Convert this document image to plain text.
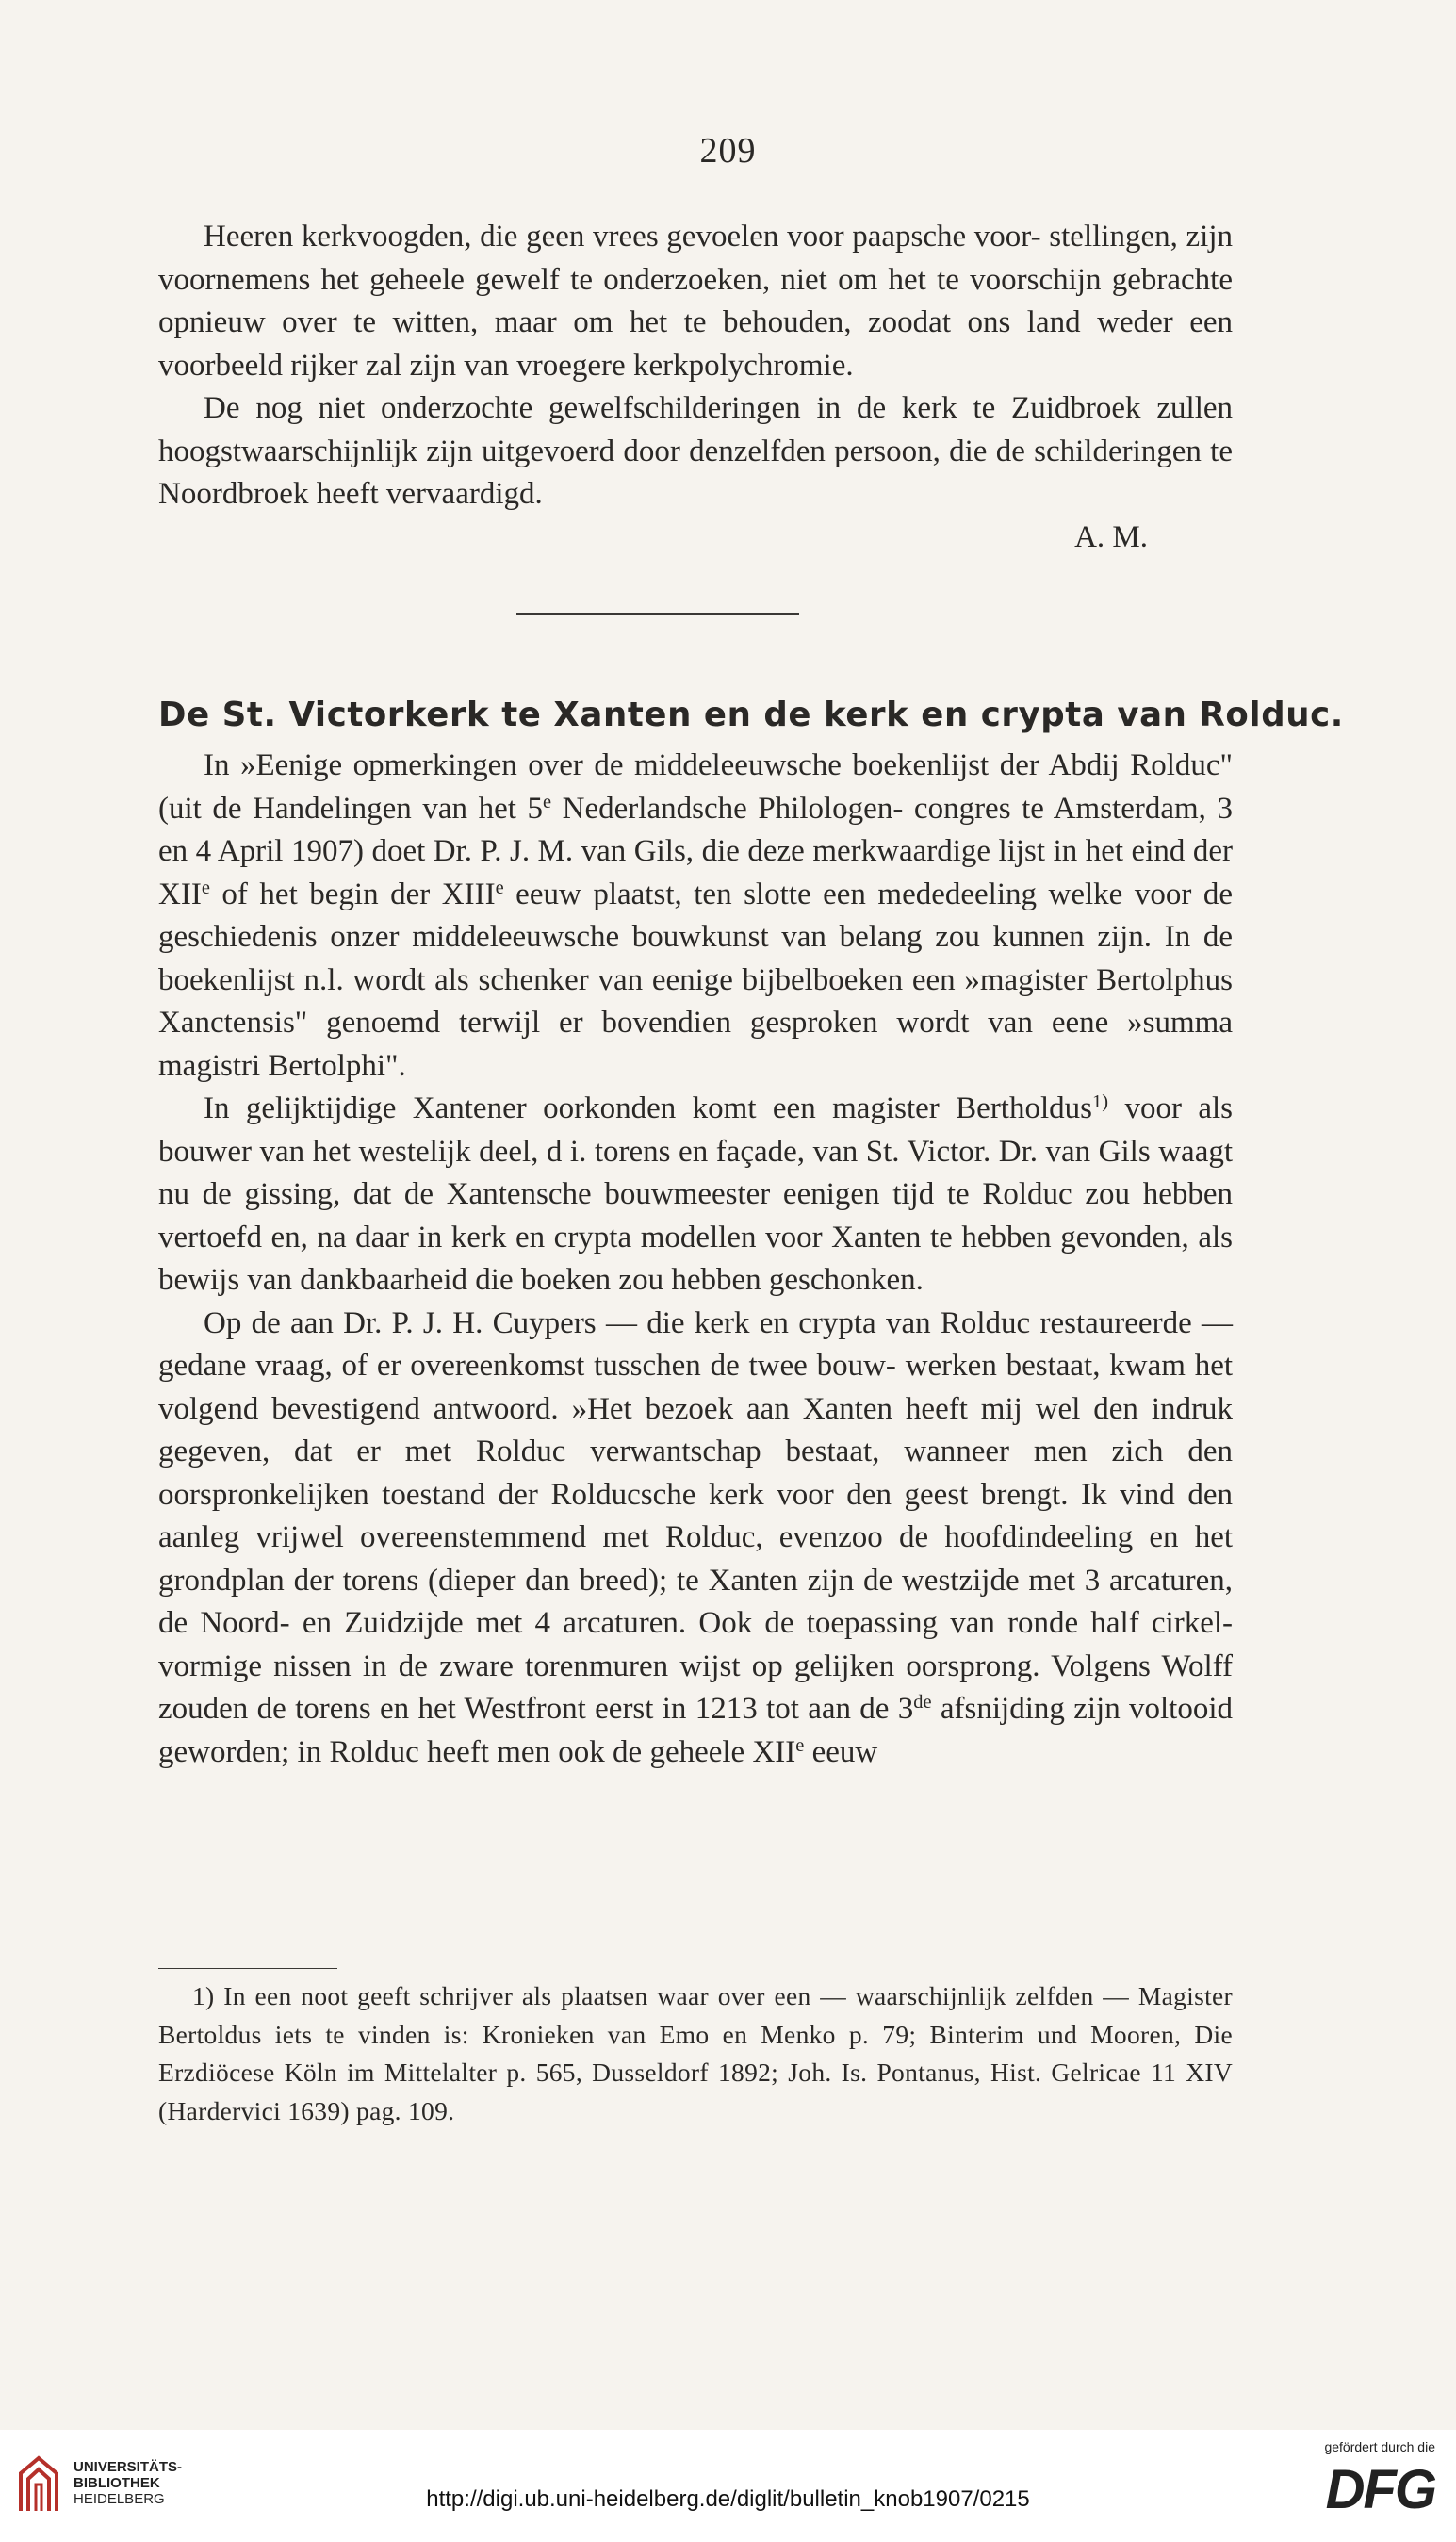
209

Heeren kerkvoogden, die geen vrees gevoelen voor paapsche voor- stellingen, zijn voornemens het geheele gewelf te onderzoeken, niet om het te voorschijn gebrachte opnieuw over te witten, maar om het te behouden, zoodat ons land weder een voorbeeld rijker zal zijn van vroegere kerkpolychromie.

De nog niet onderzochte gewelfschilderingen in de kerk te Zuidbroek zullen hoogstwaarschijnlijk zijn uitgevoerd door denzelfden persoon, die de schilderingen te Noordbroek heeft vervaardigd.

A. M.

De St. Victorkerk te Xanten en de kerk en crypta van Rolduc.

In »Eenige opmerkingen over de middeleeuwsche boekenlijst der Abdij Rolduc" (uit de Handelingen van het 5e Nederlandsche Philologen- congres te Amsterdam, 3 en 4 April 1907) doet Dr. P. J. M. van Gils, die deze merkwaardige lijst in het eind der XIIe of het begin der XIIIe eeuw plaatst, ten slotte een mededeeling welke voor de geschiedenis onzer middeleeuwsche bouwkunst van belang zou kunnen zijn. In de boekenlijst n.l. wordt als schenker van eenige bijbelboeken een »magister Bertolphus Xanctensis" genoemd terwijl er bovendien gesproken wordt van eene »summa magistri Bertolphi".

In gelijktijdige Xantener oorkonden komt een magister Bertholdus$^{1)}$ voor als bouwer van het westelijk deel, d i. torens en façade, van St. Victor. Dr. van Gils waagt nu de gissing, dat de Xantensche bouwmeester eenigen tijd te Rolduc zou hebben vertoefd en, na daar in kerk en crypta modellen voor Xanten te hebben gevonden, als bewijs van dankbaarheid die boeken zou hebben geschonken.

Op de aan Dr. P. J. H. Cuypers — die kerk en crypta van Rolduc restaureerde — gedane vraag, of er overeenkomst tusschen de twee bouw- werken bestaat, kwam het volgend bevestigend antwoord. »Het bezoek aan Xanten heeft mij wel den indruk gegeven, dat er met Rolduc verwantschap bestaat, wanneer men zich den oorspronkelijken toestand der Rolducsche kerk voor den geest brengt. Ik vind den aanleg vrijwel overeenstemmend met Rolduc, evenzoo de hoofdindeeling en het grondplan der torens (dieper dan breed); te Xanten zijn de westzijde met 3 arcaturen, de Noord- en Zuidzijde met 4 arcaturen. Ook de toepassing van ronde half cirkel- vormige nissen in de zware torenmuren wijst op gelijken oorsprong. Volgens Wolff zouden de torens en het Westfront eerst in 1213 tot aan de 3de afsnijding zijn voltooid geworden; in Rolduc heeft men ook de geheele XIIe eeuw

1) In een noot geeft schrijver als plaatsen waar over een — waarschijnlijk zelfden — Magister Bertoldus iets te vinden is: Kronieken van Emo en Menko p. 79; Binterim und Mooren, Die Erzdiöcese Köln im Mittelalter p. 565, Dusseldorf 1892; Joh. Is. Pontanus, Hist. Gelricae 11 XIV (Hardervici 1639) pag. 109.

UNIVERSITÄTS-
BIBLIOTHEK
HEIDELBERG	http://digi.ub.uni-heidelberg.de/diglit/bulletin_knob1907/0215
gefördert durch die
DFG
